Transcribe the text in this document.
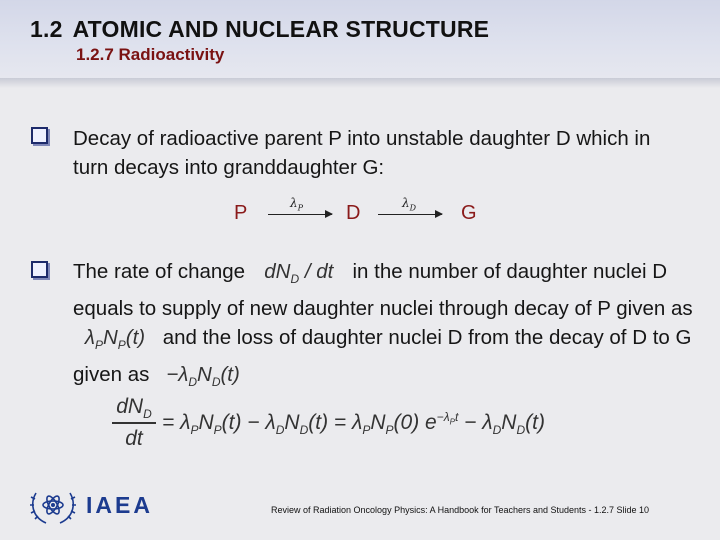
1.2 ATOMIC AND NUCLEAR STRUCTURE
1.2.7 Radioactivity
Decay of radioactive parent P into unstable daughter D which in turn decays into granddaughter G:
P	$\lambda_P$ D	$\lambda_D$ G
The rate of change $dN_D$ / dt in the number of daughter nuclei D equals to supply of new daughter nuclei through decay of P given as $\lambda_PN_P(t)$ and the loss of daughter nuclei D from the decay of D to G given as $-\lambda_DN_D(t)$
$dN_D$
dt
= $\lambda_PN_P(t) - \lambda_DN_D(t) = \lambda_PN_P(0) e^{-\lambda_Pt} - \lambda_DN_D(t)$
IAEA	Review of Radiation Oncology Physics: A Handbook for Teachers and Students - 1.2.7 Slide 10
